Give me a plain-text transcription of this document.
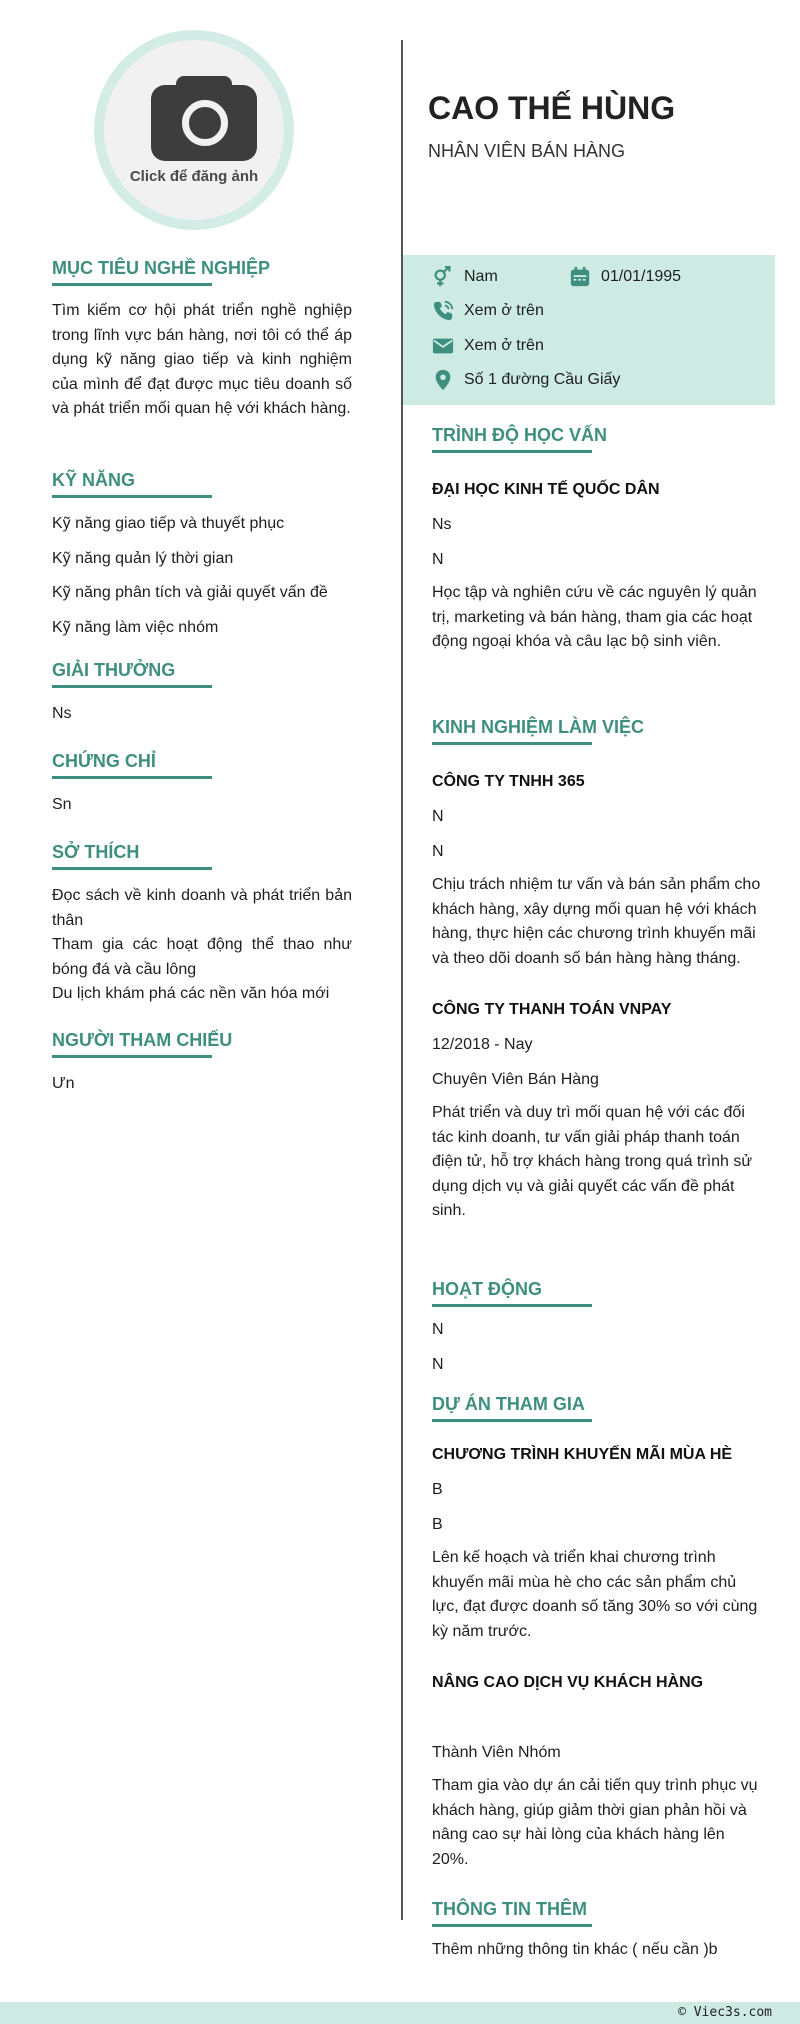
Click để đăng ảnh
MỤC TIÊU NGHỀ NGHIỆP
Tìm kiếm cơ hội phát triển nghề nghiệp trong lĩnh vực bán hàng, nơi tôi có thể áp dụng kỹ năng giao tiếp và kinh nghiệm của mình để đạt được mục tiêu doanh số và phát triển mối quan hệ với khách hàng.
KỸ NĂNG
Kỹ năng giao tiếp và thuyết phục
Kỹ năng quản lý thời gian
Kỹ năng phân tích và giải quyết vấn đề
Kỹ năng làm việc nhóm
GIẢI THƯỞNG
Ns
CHỨNG CHỈ
Sn
SỞ THÍCH
Đọc sách về kinh doanh và phát triển bản thân
Tham gia các hoạt động thể thao như bóng đá và cầu lông
Du lịch khám phá các nền văn hóa mới
NGƯỜI THAM CHIẾU
Ưn
CAO THẾ HÙNG
NHÂN VIÊN BÁN HÀNG
Nam	01/01/1995
Xem ở trên
Xem ở trên
Số 1 đường Cầu Giấy
TRÌNH ĐỘ HỌC VẤN
ĐẠI HỌC KINH TẾ QUỐC DÂN
Ns
N
Học tập và nghiên cứu về các nguyên lý quản trị, marketing và bán hàng, tham gia các hoạt động ngoại khóa và câu lạc bộ sinh viên.
KINH NGHIỆM LÀM VIỆC
CÔNG TY TNHH 365
N
N
Chịu trách nhiệm tư vấn và bán sản phẩm cho khách hàng, xây dựng mối quan hệ với khách hàng, thực hiện các chương trình khuyến mãi và theo dõi doanh số bán hàng hàng tháng.
CÔNG TY THANH TOÁN VNPAY
12/2018 - Nay
Chuyên Viên Bán Hàng
Phát triển và duy trì mối quan hệ với các đối tác kinh doanh, tư vấn giải pháp thanh toán điện tử, hỗ trợ khách hàng trong quá trình sử dụng dịch vụ và giải quyết các vấn đề phát sinh.
HOẠT ĐỘNG
N
N
DỰ ÁN THAM GIA
CHƯƠNG TRÌNH KHUYẾN MÃI MÙA HÈ
B
B
Lên kế hoạch và triển khai chương trình khuyến mãi mùa hè cho các sản phẩm chủ lực, đạt được doanh số tăng 30% so với cùng kỳ năm trước.
NÂNG CAO DỊCH VỤ KHÁCH HÀNG
Thành Viên Nhóm
Tham gia vào dự án cải tiến quy trình phục vụ khách hàng, giúp giảm thời gian phản hồi và nâng cao sự hài lòng của khách hàng lên 20%.
THÔNG TIN THÊM
Thêm những thông tin khác ( nếu cần )b
© Viec3s.com
